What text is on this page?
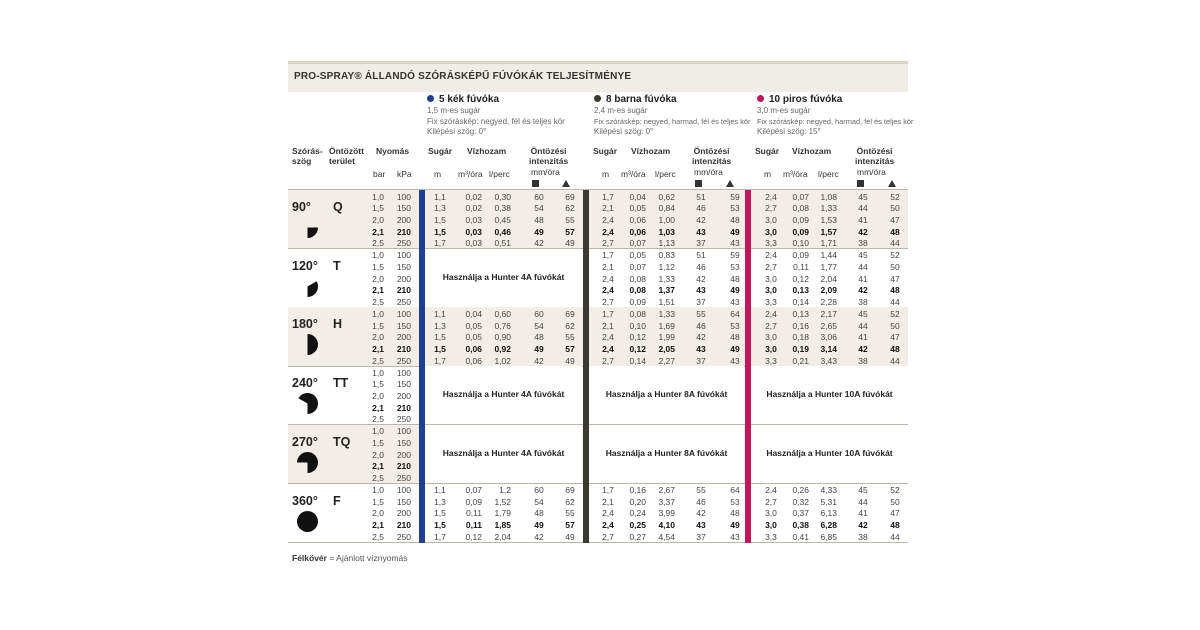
PRO-SPRAY® ÁLLANDÓ SZÓRÁSKÉPŰ FÚVÓKÁK TELJESÍTMÉNYE
5 kék fúvóka
1,5 m-es sugár
Fix szóráskép: negyed, fél és teljes kör
Kilépési szög: 0°
8 barna fúvóka
2,4 m-es sugár
Fix szóráskép: negyed, harmad, fél és teljes kör
Kilépési szög: 0°
10 piros fúvóka
3,0 m-es sugár
Fix szóráskép: negyed, harmad, fél és teljes kör
Kilépési szög: 15°
Szórás-
szög
Öntözött
terület
Nyomás
bar kPa
Sugár Vízhozam	Öntözési
intenzitás
mm/óra
m m³/óra l/perc
Sugár Vízhozam	Öntözési
intenzitás
mm/óra
m m³/óra l/perc
Sugár Vízhozam	Öntözési
intenzitás
mm/óra
m m³/óra l/perc
90° Q
1,0	100	1,1	0,02	0,30	60	69	1,7	0,04	0,62	51	59	2,4	0,07	1,08	45	52
1,5	150	1,3	0,02	0,38	54	62	2,1	0,05	0,84	46	53	2,7	0,08	1,33	44	50
2,0	200	1,5	0,03	0,45	48	55	2,4	0,06	1,00	42	48	3,0	0,09	1,53	41	47
2,1	210	1,5	0,03	0,46	49	57	2,4	0,06	1,03	43	49	3,0	0,09	1,57	42	48
2,5	250	1,7	0,03	0,51	42	49	2,7	0,07	1,13	37	43	3,3	0,10	1,71	38	44
120° T
1,0	100	1,7	0,05	0,83	51	59	2,4	0,09	1,44	45	52
1,5	150	2,1	0,07	1,12	46	53	2,7	0,11	1,77	44	50
2,0	200	2,4	0,08	1,33	42	48	3,0	0,12	2,04	41	47
2,1	210	2,4	0,08	1,37	43	49	3,0	0,13	2,09	42	48
2,5	250	2,7	0,09	1,51	37	43	3,3	0,14	2,28	38	44
Használja a Hunter 4A fúvókát
180° H
1,0	100	1,1	0,04	0,60	60	69	1,7	0,08	1,33	55	64	2,4	0,13	2,17	45	52
1,5	150	1,3	0,05	0,76	54	62	2,1	0,10	1,69	46	53	2,7	0,16	2,65	44	50
2,0	200	1,5	0,05	0,90	48	55	2,4	0,12	1,99	42	48	3,0	0,18	3,06	41	47
2,1	210	1,5	0,06	0,92	49	57	2,4	0,12	2,05	43	49	3,0	0,19	3,14	42	48
2,5	250	1,7	0,06	1,02	42	49	2,7	0,14	2,27	37	43	3,3	0,21	3,43	38	44
240° TT
1,0	100
1,5	150
2,0	200
2,1	210
2,5	250
Használja a Hunter 4A fúvókát	Használja a Hunter 8A fúvókát	Használja a Hunter 10A fúvókát
270° TQ
1,0	100
1,5	150
2,0	200
2,1	210
2,5	250
Használja a Hunter 4A fúvókát	Használja a Hunter 8A fúvókát	Használja a Hunter 10A fúvókát
360° F
1,0	100	1,1	0,07	1,2	60	69	1,7	0,16	2,67	55	64	2,4	0,26	4,33	45	52
1,5	150	1,3	0,09	1,52	54	62	2,1	0,20	3,37	46	53	2,7	0,32	5,31	44	50
2,0	200	1,5	0,11	1,79	48	55	2,4	0,24	3,99	42	48	3,0	0,37	6,13	41	47
2,1	210	1,5	0,11	1,85	49	57	2,4	0,25	4,10	43	49	3,0	0,38	6,28	42	48
2,5	250	1,7	0,12	2,04	42	49	2,7	0,27	4,54	37	43	3,3	0,41	6,85	38	44
Félkövér = Ajánlott víznyomás
